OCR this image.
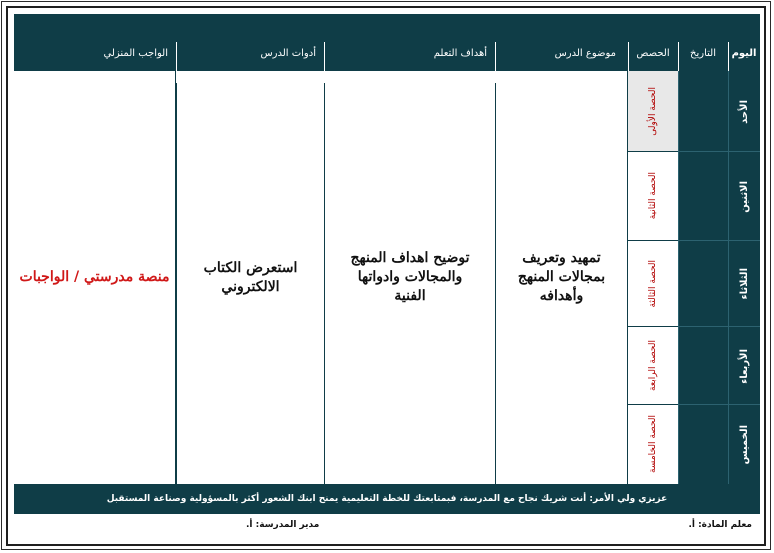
اليوم
التاريخ
الحصص
موضوع الدرس
أهداف التعلم
أدوات الدرس
الواجب المنزلي
تمهيد وتعريف بمجالات المنهج وأهدافه
توضيح اهداف المنهج والمجالات وادواتها الفنية
استعرض الكتاب الالكتروني
منصة مدرستي / الواجبات
الحصة الأولى
الحصة الثانية
الحصة الثالثة
الحصة الرابعة
الحصة الخامسة
الأحد
الاثنين
الثلاثاء
الأربعاء
الخميس
عزيزي ولي الأمر: أنت شريك نجاح مع المدرسة، فبمتابعتك للخطة التعليمية يمنح ابنك الشعور أكثر بالمسؤولية وصناعة المستقبل
معلم المادة: أ.
مدير المدرسة: أ.
